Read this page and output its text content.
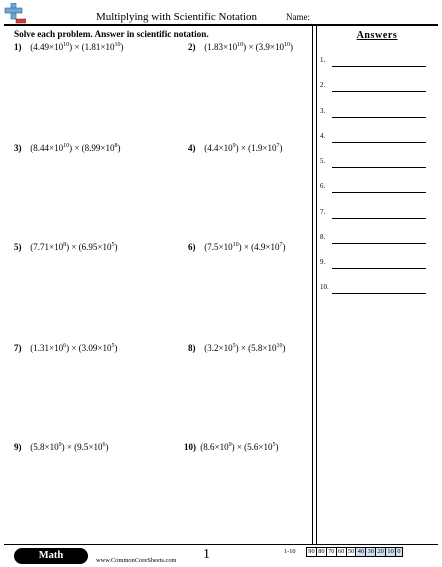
Multiplying with Scientific Notation	Name:
Solve each problem. Answer in scientific notation.
1) $(4.49\times 10^{10}) \times (1.81\times 10^{10})$	2) $(1.83\times 10^{10}) \times (3.9\times 10^{10})$
3) $(8.44\times 10^{10}) \times (8.99\times 10^8)$	4) $(4.4\times 10^9) \times (1.9\times 10^7)$
5) $(7.71\times 10^8) \times (6.95\times 10^5)$	6) $(7.5\times 10^{10}) \times (4.9\times 10^7)$
7) $(1.31\times 10^6) \times (3.09\times 10^5)$	8) $(3.2\times 10^5) \times (5.8\times 10^{10})$
9) $(5.8\times 10^9) \times (9.5\times 10^6)$	10) $(8.6\times 10^9) \times (5.6\times 10^5)$
Answers
1.
2.
3.
4.
5.
6.
7.
8.
9.
10.
Math	www.CommonCoreSheets.com 1	1-10 90	80	70	60	50	40	30	20	10	0
